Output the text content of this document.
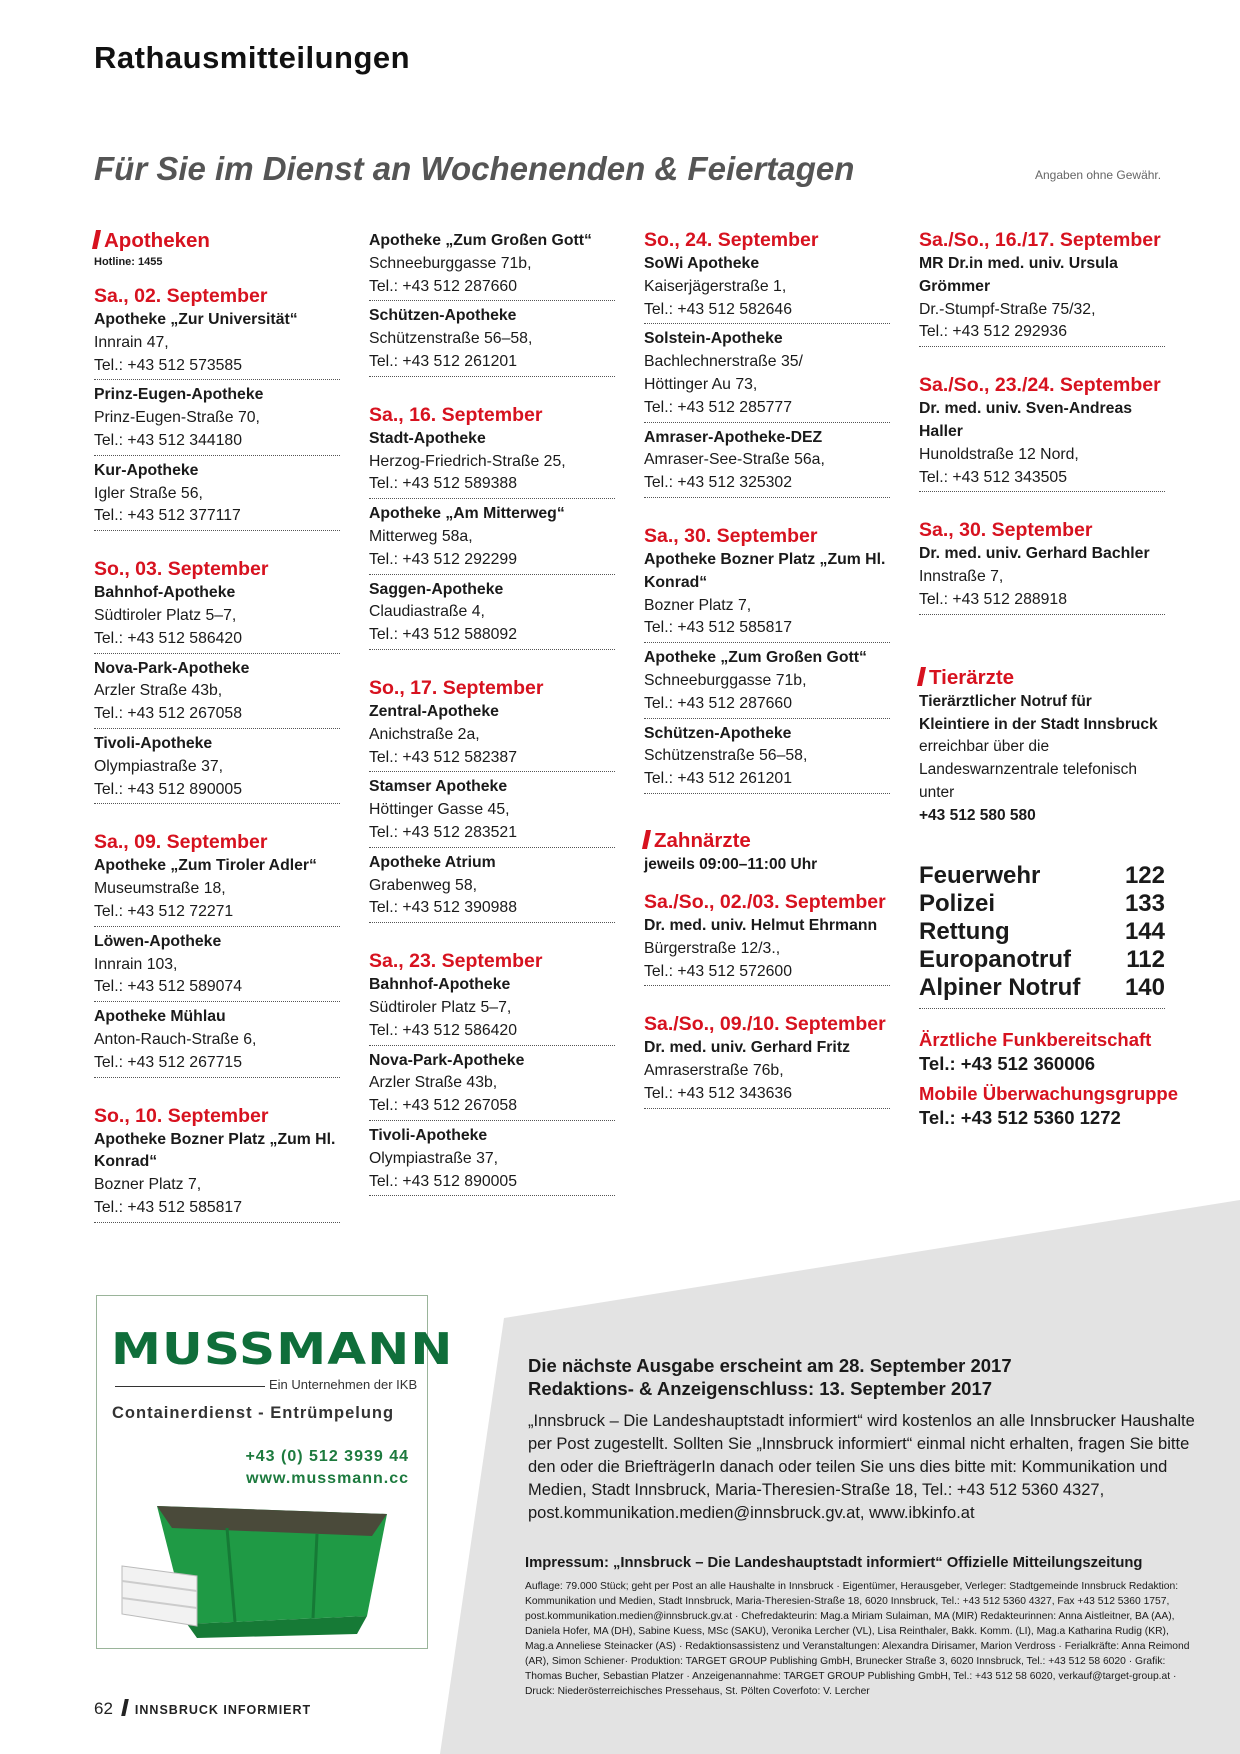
Rathausmitteilungen
Für Sie im Dienst an Wochenenden & Feiertagen	Angaben ohne Gewähr.
Apotheken
Hotline: 1455
Sa., 02. September
Apotheke „Zur Universität“
Innrain 47,
Tel.: +43 512 573585
Prinz-Eugen-Apotheke
Prinz-Eugen-Straße 70,
Tel.: +43 512 344180
Kur-Apotheke
Igler Straße 56,
Tel.: +43 512 377117
So., 03. September
Bahnhof-Apotheke
Südtiroler Platz 5–7,
Tel.: +43 512 586420
Nova-Park-Apotheke
Arzler Straße 43b,
Tel.: +43 512 267058
Tivoli-Apotheke
Olympiastraße 37,
Tel.: +43 512 890005
Sa., 09. September
Apotheke „Zum Tiroler Adler“
Museumstraße 18,
Tel.: +43 512 72271
Löwen-Apotheke
Innrain 103,
Tel.: +43 512 589074
Apotheke Mühlau
Anton-Rauch-Straße 6,
Tel.: +43 512 267715
So., 10. September
Apotheke Bozner Platz „Zum Hl. Konrad“
Bozner Platz 7,
Tel.: +43 512 585817
Apotheke „Zum Großen Gott“
Schneeburggasse 71b,
Tel.: +43 512 287660
Schützen-Apotheke
Schützenstraße 56–58,
Tel.: +43 512 261201
Sa., 16. September
Stadt-Apotheke
Herzog-Friedrich-Straße 25,
Tel.: +43 512 589388
Apotheke „Am Mitterweg“
Mitterweg 58a,
Tel.: +43 512 292299
Saggen-Apotheke
Claudiastraße 4,
Tel.: +43 512 588092
So., 17. September
Zentral-Apotheke
Anichstraße 2a,
Tel.: +43 512 582387
Stamser Apotheke
Höttinger Gasse 45,
Tel.: +43 512 283521
Apotheke Atrium
Grabenweg 58,
Tel.: +43 512 390988
Sa., 23. September
Bahnhof-Apotheke
Südtiroler Platz 5–7,
Tel.: +43 512 586420
Nova-Park-Apotheke
Arzler Straße 43b,
Tel.: +43 512 267058
Tivoli-Apotheke
Olympiastraße 37,
Tel.: +43 512 890005
So., 24. September
SoWi Apotheke
Kaiserjägerstraße 1,
Tel.: +43 512 582646
Solstein-Apotheke
Bachlechnerstraße 35/
Höttinger Au 73,
Tel.: +43 512 285777
Amraser-Apotheke-DEZ
Amraser-See-Straße 56a,
Tel.: +43 512 325302
Sa., 30. September
Apotheke Bozner Platz „Zum Hl. Konrad“
Bozner Platz 7,
Tel.: +43 512 585817
Apotheke „Zum Großen Gott“
Schneeburggasse 71b,
Tel.: +43 512 287660
Schützen-Apotheke
Schützenstraße 56–58,
Tel.: +43 512 261201
Zahnärzte
jeweils 09:00–11:00 Uhr
Sa./So., 02./03. September
Dr. med. univ. Helmut Ehrmann
Bürgerstraße 12/3.,
Tel.: +43 512 572600
Sa./So., 09./10. September
Dr. med. univ. Gerhard Fritz
Amraserstraße 76b,
Tel.: +43 512 343636
Sa./So., 16./17. September
MR Dr.in med. univ. Ursula Grömmer
Dr.-Stumpf-Straße 75/32,
Tel.: +43 512 292936
Sa./So., 23./24. September
Dr. med. univ. Sven-Andreas Haller
Hunoldstraße 12 Nord,
Tel.: +43 512 343505
Sa., 30. September
Dr. med. univ. Gerhard Bachler
Innstraße 7,
Tel.: +43 512 288918
Tierärzte
Tierärztlicher Notruf für Kleintiere in der Stadt Innsbruck erreichbar über die Landeswarnzentrale telefonisch unter
+43 512 580 580
Feuerwehr	122
Polizei	133
Rettung	144
Europanotruf 112
Alpiner Notruf 140
Ärztliche Funkbereitschaft
Tel.: +43 512 360006
Mobile Überwachungsgruppe
Tel.: +43 512 5360 1272
MUSSMANN
Ein Unternehmen der IKB
Containerdienst - Entrümpelung
+43 (0) 512 3939 44
www.mussmann.cc
Die nächste Ausgabe erscheint am 28. September 2017
Redaktions- & Anzeigenschluss: 13. September 2017
„Innsbruck – Die Landeshauptstadt informiert“ wird kostenlos an alle Innsbrucker Haushalte per Post zugestellt. Sollten Sie „Innsbruck informiert“ einmal nicht erhalten, fragen Sie bitte den oder die BriefträgerIn danach oder teilen Sie uns dies bitte mit: Kommunikation und Medien, Stadt Innsbruck, Maria-Theresien-Straße 18, Tel.: +43 512 5360 4327, post.kommunikation.medien@innsbruck.gv.at, www.ibkinfo.at
Impressum: „Innsbruck – Die Landeshauptstadt informiert“ Offizielle Mitteilungszeitung
Auflage: 79.000 Stück; geht per Post an alle Haushalte in Innsbruck · Eigentümer, Herausgeber, Verleger: Stadtgemeinde Innsbruck Redaktion: Kommunikation und Medien, Stadt Innsbruck, Maria-Theresien-Straße 18, 6020 Innsbruck, Tel.: +43 512 5360 4327, Fax +43 512 5360 1757, post.kommunikation.medien@innsbruck.gv.at · Chefredakteurin: Mag.a Miriam Sulaiman, MA (MIR) Redakteurinnen: Anna Aistleitner, BA (AA), Daniela Hofer, MA (DH), Sabine Kuess, MSc (SAKU), Veronika Lercher (VL), Lisa Reinthaler, Bakk. Komm. (LI), Mag.a Katharina Rudig (KR), Mag.a Anneliese Steinacker (AS) · Redaktionsassistenz und Veranstaltungen: Alexandra Dirisamer, Marion Verdross · Ferialkräfte: Anna Reimond (AR), Simon Schiener· Produktion: TARGET GROUP Publishing GmbH, Brunecker Straße 3, 6020 Innsbruck, Tel.: +43 512 58 6020 · Grafik: Thomas Bucher, Sebastian Platzer · Anzeigenannahme: TARGET GROUP Publishing GmbH, Tel.: +43 512 58 6020, verkauf@target-group.at · Druck: Niederösterreichisches Pressehaus, St. Pölten Coverfoto: V. Lercher
62 INNSBRUCK INFORMIERT
